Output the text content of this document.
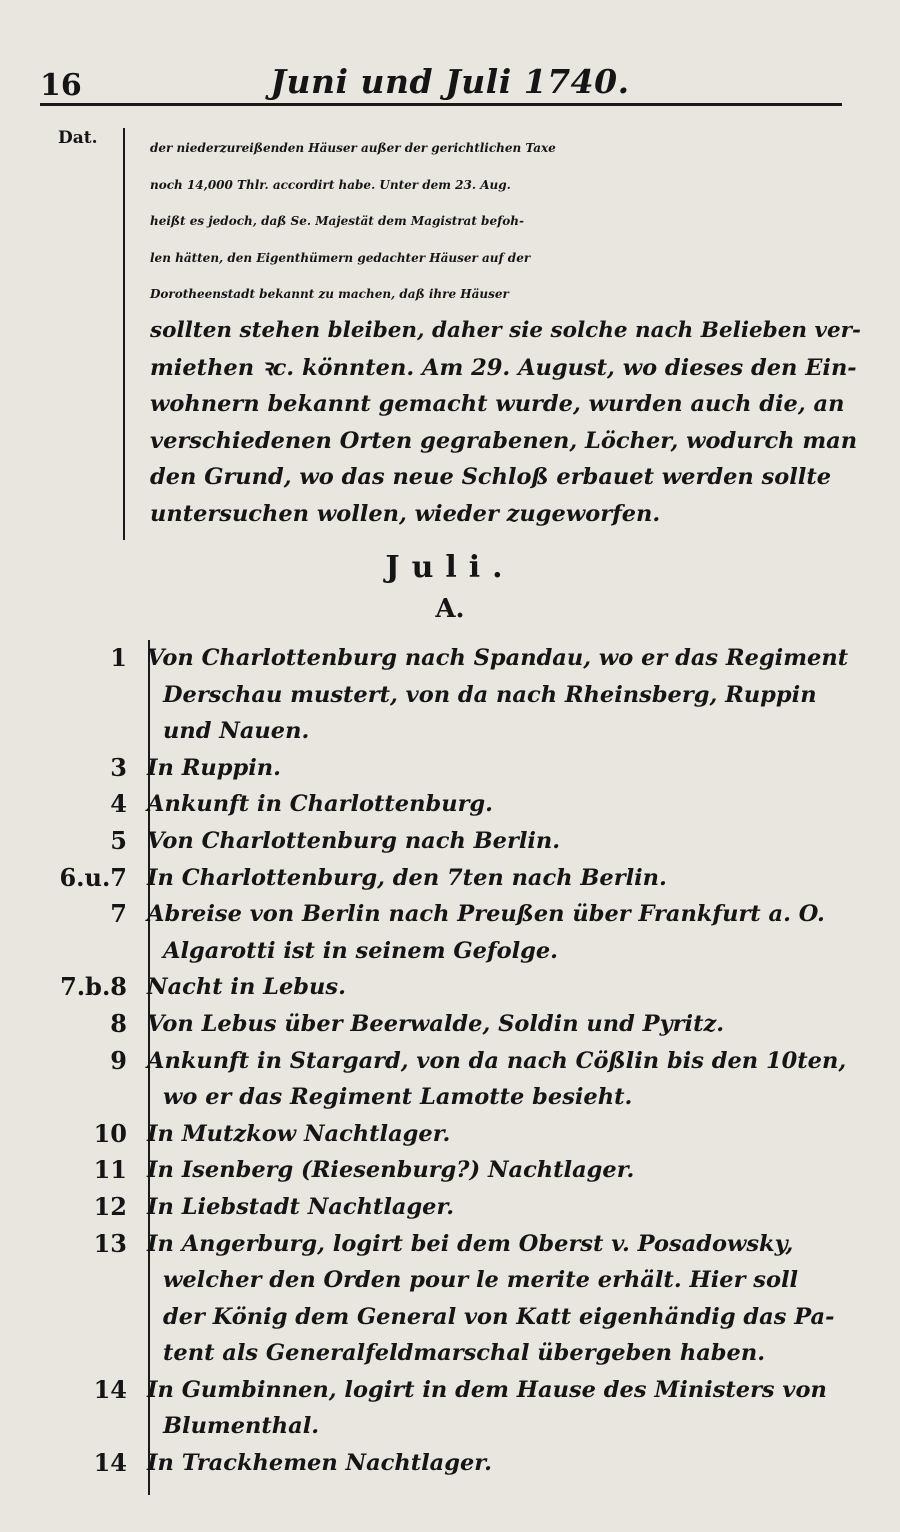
16	Juni und Juli 1740.
Dat.	der niederzureißenden Häuser außer der gerichtlichen Taxe
noch 14,000 Thlr. accordirt habe. Unter dem 23. Aug.
heißt es jedoch, daß Se. Majestät dem Magistrat befoh-
len hätten, den Eigenthümern gedachter Häuser auf der
Dorotheenstadt bekannt zu machen, daß ihre Häuser
sollten stehen bleiben, daher sie solche nach Belieben ver-
miethen ꝛc. könnten. Am 29. August, wo dieses den Ein-
wohnern bekannt gemacht wurde, wurden auch die, an
verschiedenen Orten gegrabenen, Löcher, wodurch man
den Grund, wo das neue Schloß erbauet werden sollte
untersuchen wollen, wieder zugeworfen.
Juli.
A.
1 Von Charlottenburg nach Spandau, wo er das Regiment
Derschau mustert, von da nach Rheinsberg, Ruppin
und Nauen.
3 In Ruppin.
4 Ankunft in Charlottenburg.
5 Von Charlottenburg nach Berlin.
6.u.7 In Charlottenburg, den 7ten nach Berlin.
7 Abreise von Berlin nach Preußen über Frankfurt a. O.
Algarotti ist in seinem Gefolge.
7.b.8 Nacht in Lebus.
8 Von Lebus über Beerwalde, Soldin und Pyritz.
9 Ankunft in Stargard, von da nach Cößlin bis den 10ten,
wo er das Regiment Lamotte besieht.
10 In Mutzkow Nachtlager.
11 In Isenberg (Riesenburg?) Nachtlager.
12 In Liebstadt Nachtlager.
13 In Angerburg, logirt bei dem Oberst v. Posadowsky,
welcher den Orden pour le merite erhält. Hier soll
der König dem General von Katt eigenhändig das Pa-
tent als Generalfeldmarschal übergeben haben.
14 In Gumbinnen, logirt in dem Hause des Ministers von
Blumenthal.
14 In Trackhemen Nachtlager.
